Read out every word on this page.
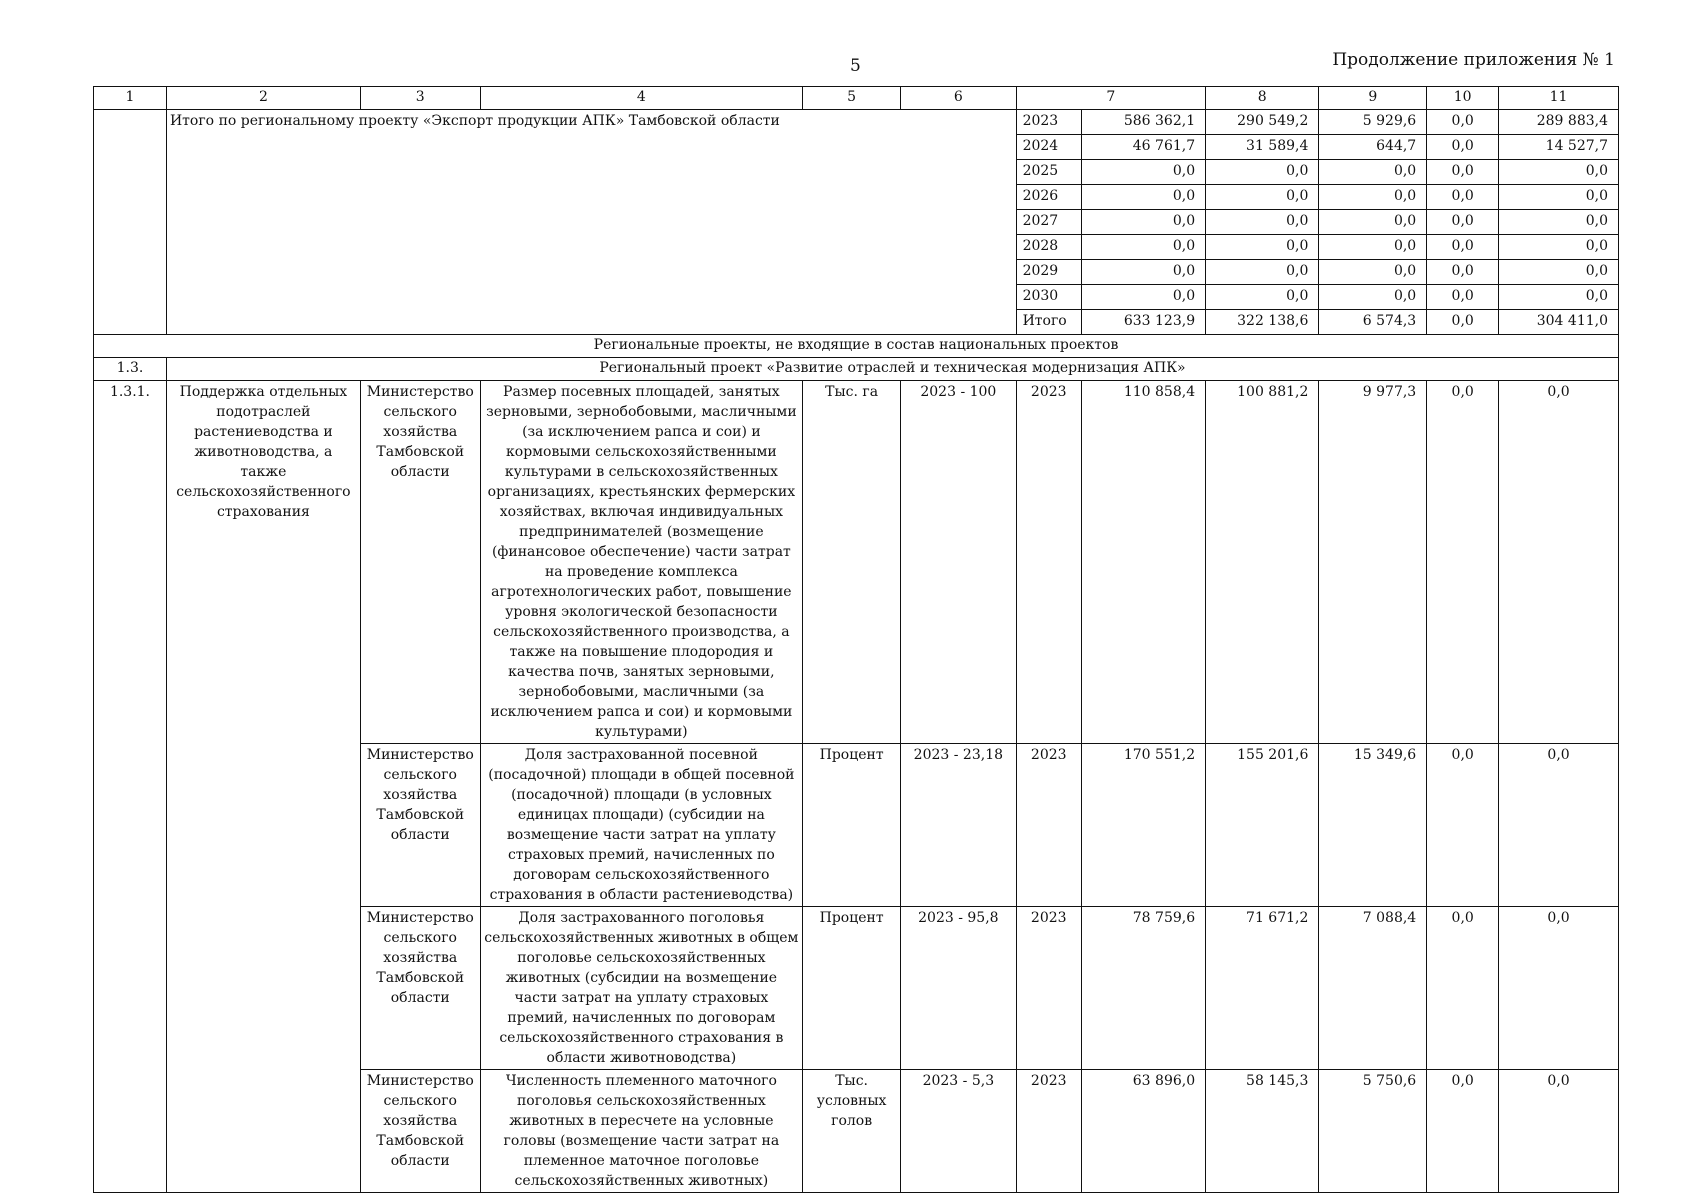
5	Продолжение приложения № 1
1	2	3	4	5	6	7		8	9	10	11
	Итого по региональному проекту «Экспорт продукции АПК» Тамбовской области					2023	586 362,1	290 549,2	5 929,6	0,0	289 883,4
						2024	46 761,7	31 589,4	644,7	0,0	14 527,7
						2025	0,0	0,0	0,0	0,0	0,0
						2026	0,0	0,0	0,0	0,0	0,0
						2027	0,0	0,0	0,0	0,0	0,0
						2028	0,0	0,0	0,0	0,0	0,0
						2029	0,0	0,0	0,0	0,0	0,0
						2030	0,0	0,0	0,0	0,0	0,0
						Итого	633 123,9	322 138,6	6 574,3	0,0	304 411,0
Региональные проекты, не входящие в состав национальных проектов											
1.3.	Региональный проект «Развитие отраслей и техническая модернизация АПК»										
1.3.1.	Поддержка отдельных подотраслей растениеводства и животноводства, а также сельскохозяйственного страхования	Министерство сельского хозяйства Тамбовской области	Размер посевных площадей, занятых зерновыми, зернобобовыми, масличными (за исключением рапса и сои) и кормовыми сельскохозяйственными культурами в сельскохозяйственных организациях, крестьянских фермерских хозяйствах, включая индивидуальных предпринимателей (возмещение (финансовое обеспечение) части затрат на проведение комплекса агротехнологических работ, повышение уровня экологической безопасности сельскохозяйственного производства, а также на повышение плодородия и качества почв, занятых зерновыми, зернобобовыми, масличными (за исключением рапса и сои) и кормовыми культурами)	Тыс. га	2023 - 100	2023	110 858,4	100 881,2	9 977,3	0,0	0,0
		Министерство сельского хозяйства Тамбовской области	Доля застрахованной посевной (посадочной) площади в общей посевной (посадочной) площади (в условных единицах площади) (субсидии на возмещение части затрат на уплату страховых премий, начисленных по договорам сельскохозяйственного страхования в области растениеводства)	Процент	2023 - 23,18	2023	170 551,2	155 201,6	15 349,6	0,0	0,0
		Министерство сельского хозяйства Тамбовской области	Доля застрахованного поголовья сельскохозяйственных животных в общем поголовье сельскохозяйственных животных (субсидии на возмещение части затрат на уплату страховых премий, начисленных по договорам сельскохозяйственного страхования в области животноводства)	Процент	2023 - 95,8	2023	78 759,6	71 671,2	7 088,4	0,0	0,0
		Министерство сельского хозяйства Тамбовской области	Численность племенного маточного поголовья сельскохозяйственных животных в пересчете на условные головы (возмещение части затрат на племенное маточное поголовье сельскохозяйственных животных)	Тыс. условных голов	2023 - 5,3	2023	63 896,0	58 145,3	5 750,6	0,0	0,0
